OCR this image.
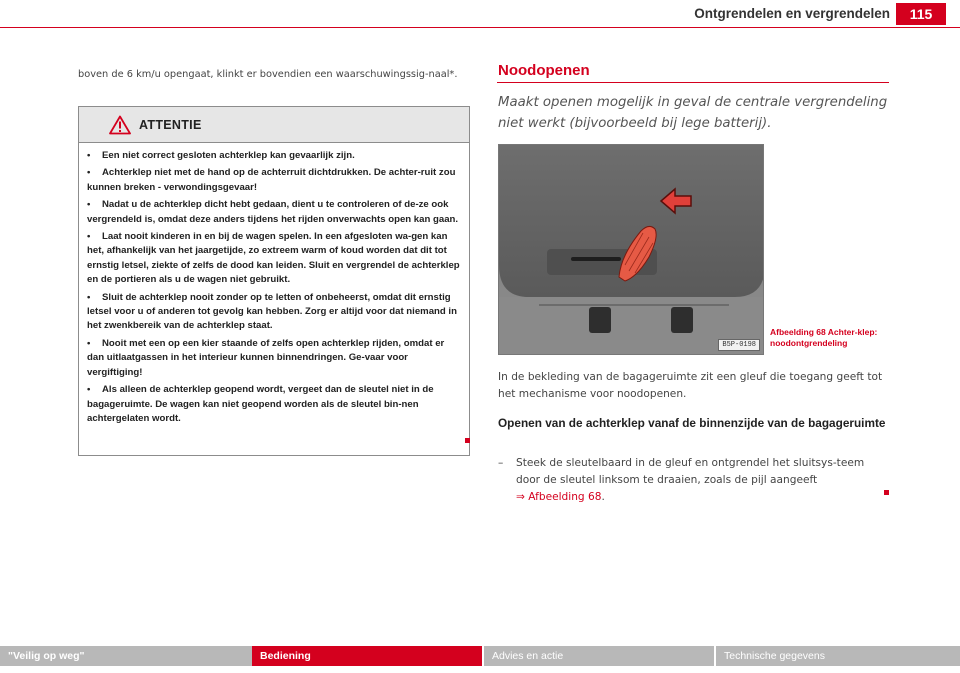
Ontgrendelen en vergrendelen	115
boven de 6 km/u opengaat, klinkt er bovendien een waarschuwingssig-naal*.
ATTENTIE
• Een niet correct gesloten achterklep kan gevaarlijk zijn.
• Achterklep niet met de hand op de achterruit dichtdrukken. De achter-ruit zou kunnen breken - verwondingsgevaar!
• Nadat u de achterklep dicht hebt gedaan, dient u te controleren of de-ze ook vergrendeld is, omdat deze anders tijdens het rijden onverwachts open kan gaan.
• Laat nooit kinderen in en bij de wagen spelen. In een afgesloten wa-gen kan het, afhankelijk van het jaargetijde, zo extreem warm of koud worden dat dit tot ernstig letsel, ziekte of zelfs de dood kan leiden. Sluit en vergrendel de achterklep en de portieren als u de wagen niet gebruikt.
• Sluit de achterklep nooit zonder op te letten of onbeheerst, omdat dit ernstig letsel voor u of anderen tot gevolg kan hebben. Zorg er altijd voor dat niemand in het zwenkbereik van de achterklep staat.
• Nooit met een op een kier staande of zelfs open achterklep rijden, omdat er dan uitlaatgassen in het interieur kunnen binnendringen. Ge-vaar voor vergiftiging!
• Als alleen de achterklep geopend wordt, vergeet dan de sleutel niet in de bagageruimte. De wagen kan niet geopend worden als de sleutel bin-nen achtergelaten wordt.
Noodopenen
Maakt openen mogelijk in geval de centrale vergrendeling niet werkt (bijvoorbeeld bij lege batterij).
B5P-0198
Afbeelding 68 Achter-klep: noodontgrendeling
In de bekleding van de bagageruimte zit een gleuf die toegang geeft tot het mechanisme voor noodopenen.
Openen van de achterklep vanaf de binnenzijde van de bagageruimte
– Steek de sleutelbaard in de gleuf en ontgrendel het sluitsys-teem door de sleutel linksom te draaien, zoals de pijl aangeeft
⇒ Afbeelding 68.
"Veilig op weg"	Bediening	Advies en actie	Technische gegevens
